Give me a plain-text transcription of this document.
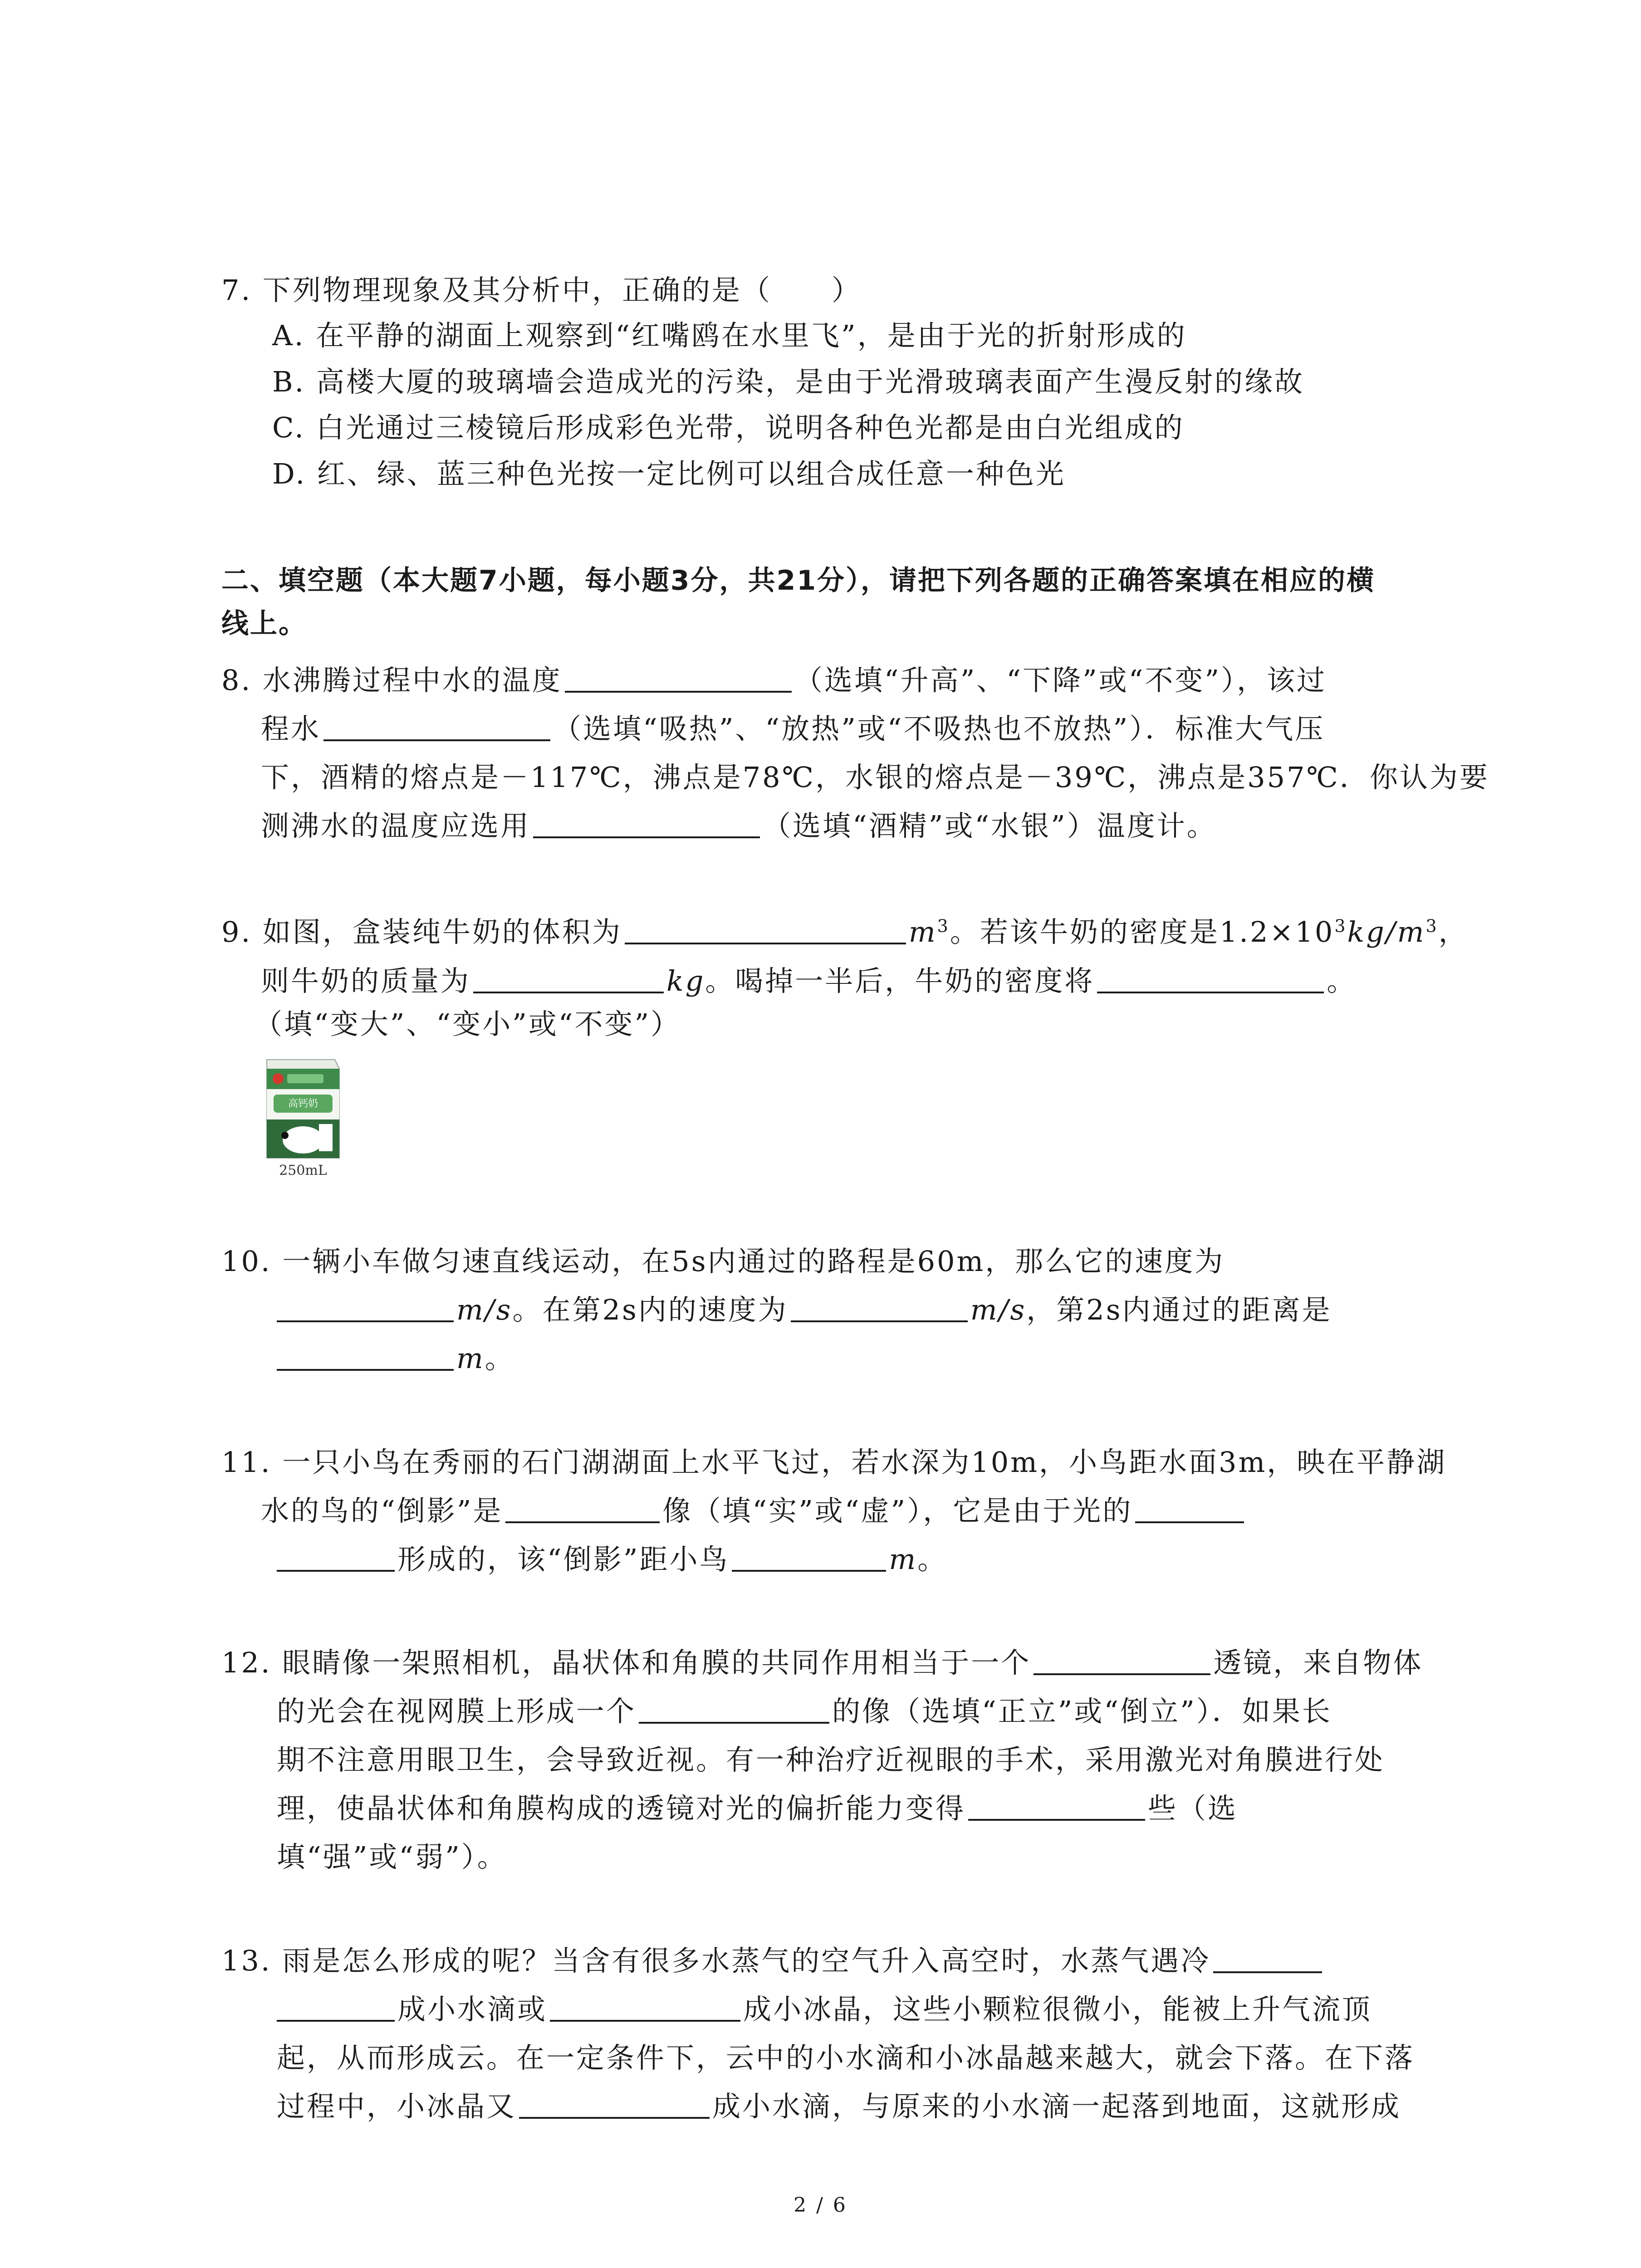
7. 下列物理现象及其分析中，正确的是（　　）
A. 在平静的湖面上观察到“红嘴鸥在水里飞”，是由于光的折射形成的
B. 高楼大厦的玻璃墙会造成光的污染，是由于光滑玻璃表面产生漫反射的缘故
C. 白光通过三棱镜后形成彩色光带，说明各种色光都是由白光组成的
D. 红、绿、蓝三种色光按一定比例可以组合成任意一种色光
二、填空题（本大题7小题，每小题3分，共21分），请把下列各题的正确答案填在相应的横
线上。
8. 水沸腾过程中水的温度	（选填“升高”、“下降”或“不变”），该过
程水	（选填“吸热”、“放热”或“不吸热也不放热”）．标准大气压
下，酒精的熔点是－117℃，沸点是78℃，水银的熔点是－39℃，沸点是357℃．你认为要
测沸水的温度应选用	（选填“酒精”或“水银”）温度计。
9. 如图，盒装纯牛奶的体积为	$m^3$。若该牛奶的密度是$1.2\times 10^3kg/m^3$，
则牛奶的质量为	kg。喝掉一半后，牛奶的密度将	。
（填“变大”、“变小”或“不变”）
高钙奶
250mL
10. 一辆小车做匀速直线运动，在5s内通过的路程是60m，那么它的速度为
m/s。在第2s内的速度为	m/s，第2s内通过的距离是
m。
11. 一只小鸟在秀丽的石门湖湖面上水平飞过，若水深为10m，小鸟距水面3m，映在平静湖
水的鸟的“倒影”是	像（填“实”或“虚”），它是由于光的
形成的，该“倒影”距小鸟	m。
12. 眼睛像一架照相机，晶状体和角膜的共同作用相当于一个	透镜，来自物体
的光会在视网膜上形成一个	的像（选填“正立”或“倒立”）．如果长
期不注意用眼卫生，会导致近视。有一种治疗近视眼的手术，采用激光对角膜进行处
理，使晶状体和角膜构成的透镜对光的偏折能力变得	些（选
填“强”或“弱”）。
13. 雨是怎么形成的呢？当含有很多水蒸气的空气升入高空时，水蒸气遇冷
成小水滴或	成小冰晶，这些小颗粒很微小，能被上升气流顶
起，从而形成云。在一定条件下，云中的小水滴和小冰晶越来越大，就会下落。在下落
过程中，小冰晶又	成小水滴，与原来的小水滴一起落到地面，这就形成
2 / 6
